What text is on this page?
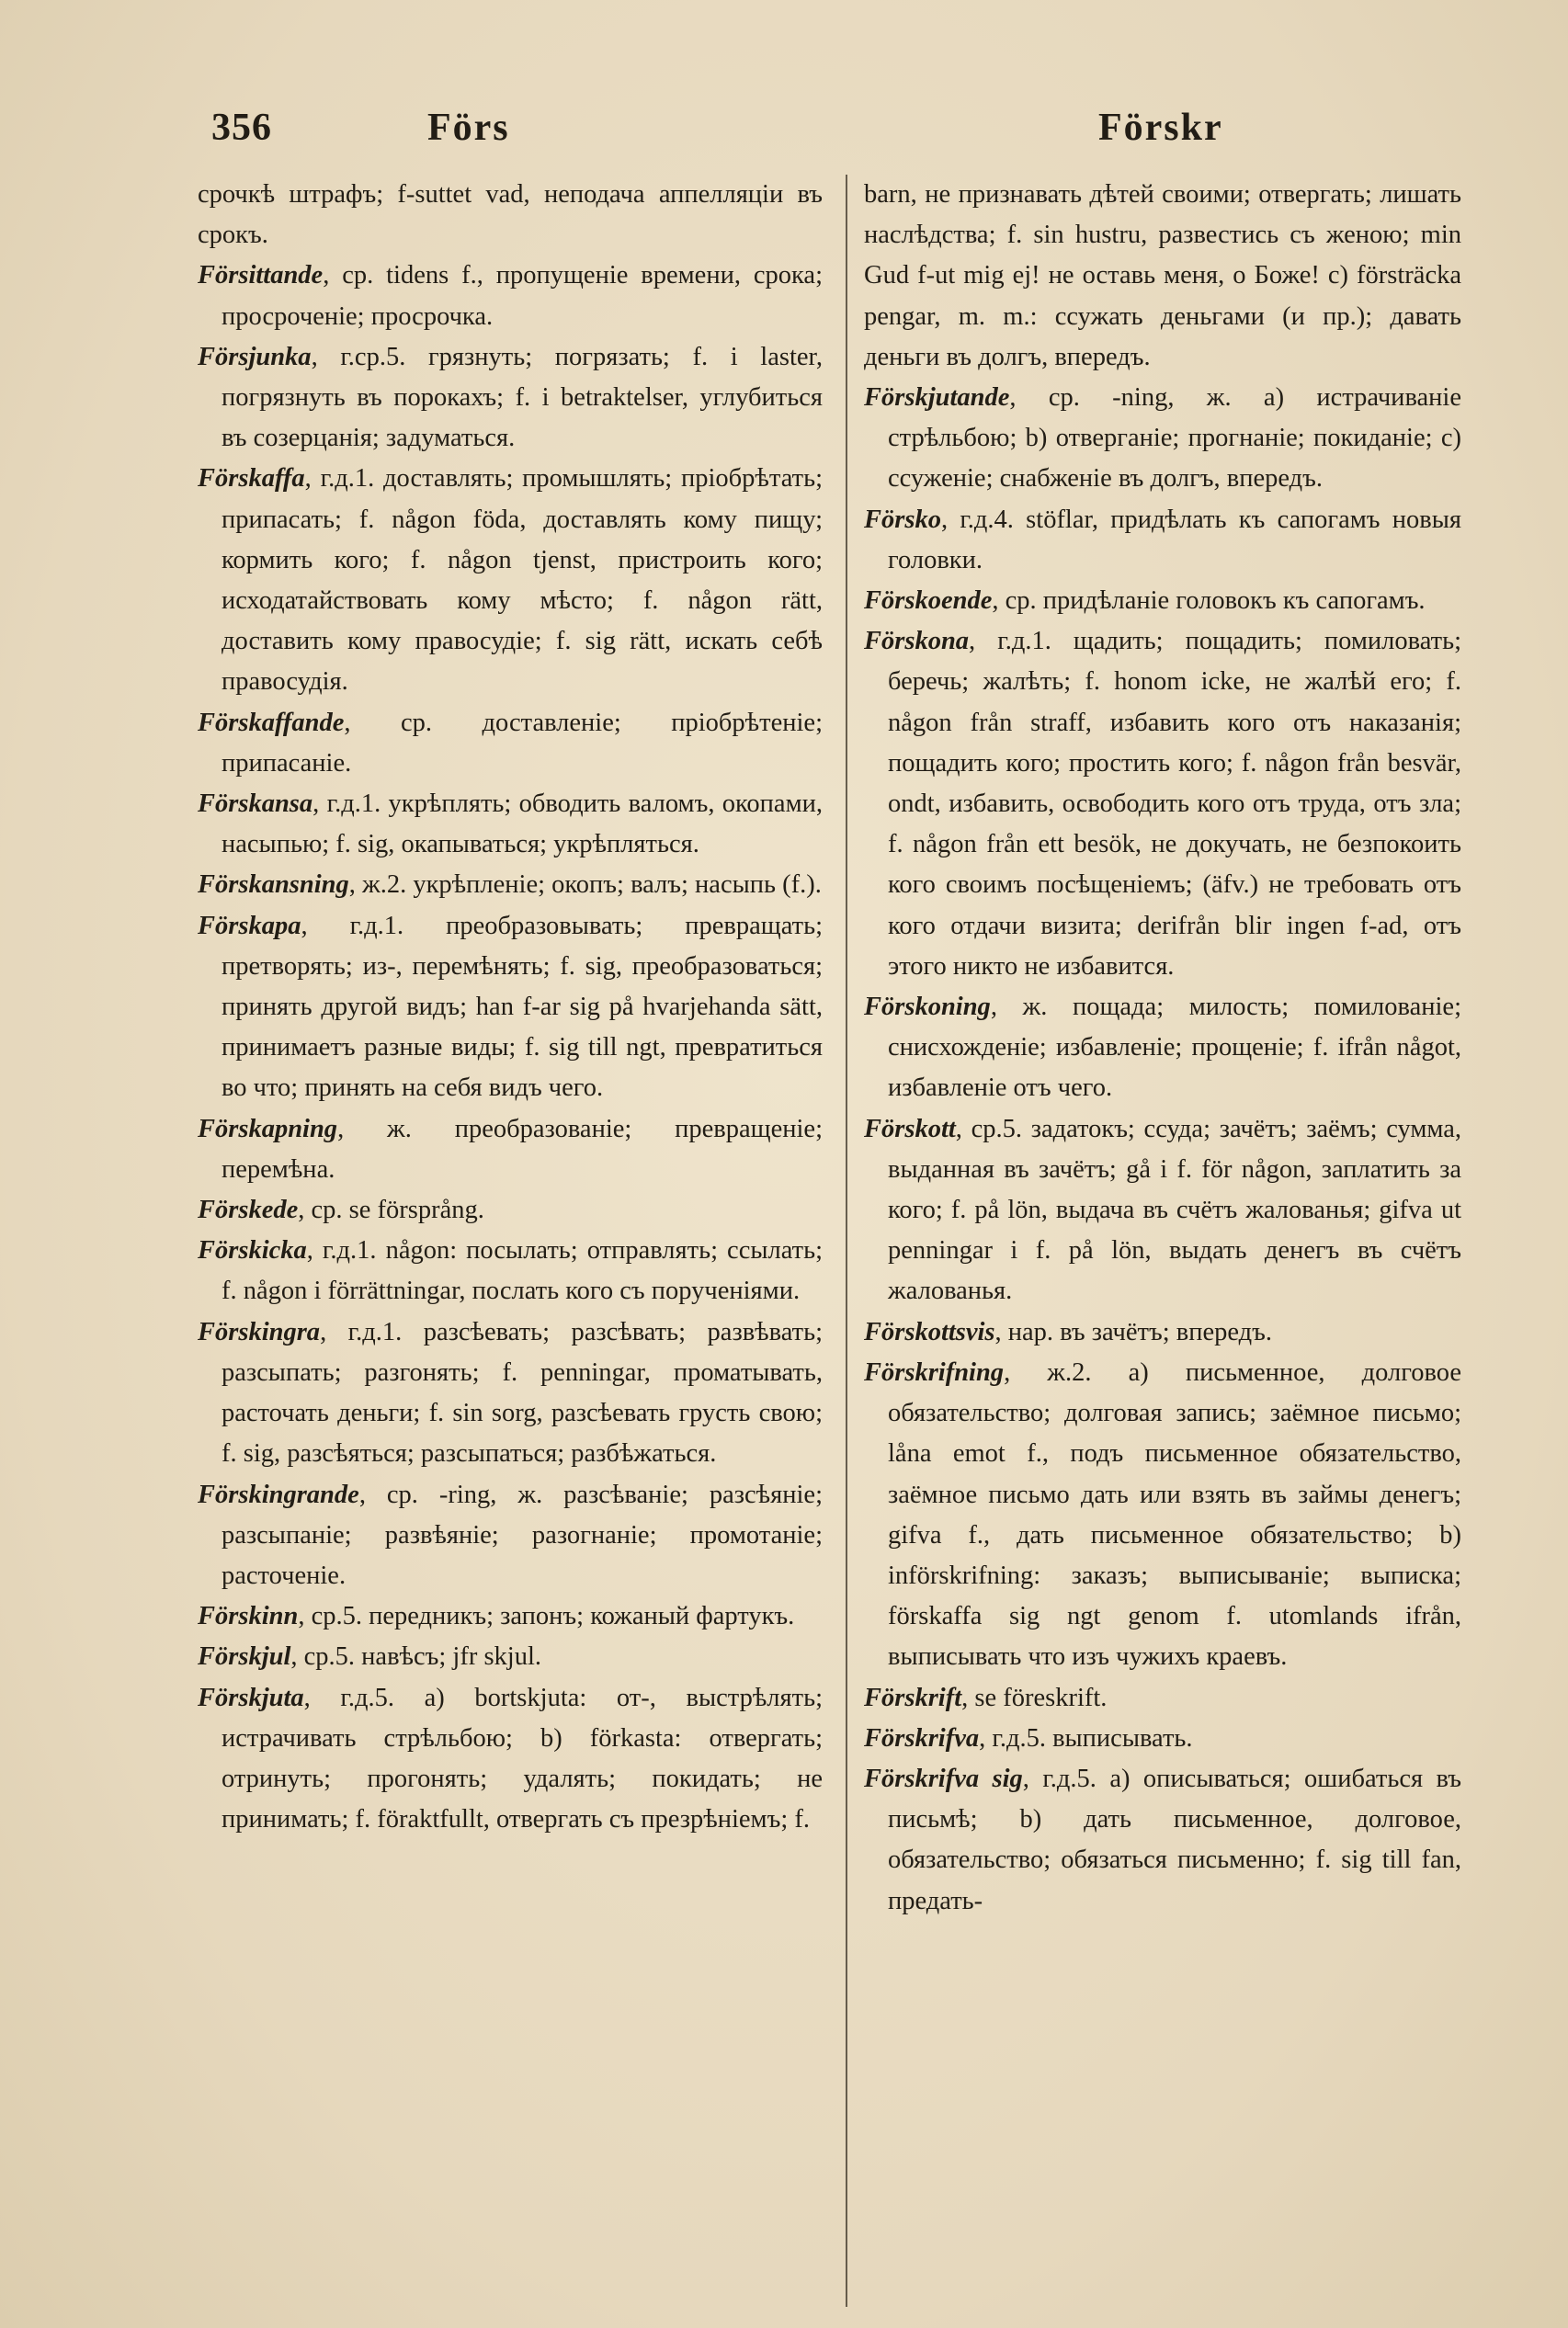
356	Förs	Förskr

срочкѣ штрафъ; f-suttet vad, неподача аппелляціи въ срокъ.

Försittande, ср. tidens f., пропущеніе времени, срока; просроченіе; просрочка.

Försjunka, г.ср.5. грязнуть; погрязать; f. i laster, погрязнуть въ порокахъ; f. i betraktelser, углубиться въ созерцанія; задуматься.

Förskaffa, г.д.1. доставлять; промышлять; пріобрѣтать; припасать; f. någon föda, доставлять кому пищу; кормить кого; f. någon tjenst, пристроить кого; исходатайствовать кому мѣсто; f. någon rätt, доставить кому правосудіе; f. sig rätt, искать себѣ правосудія.

Förskaffande, ср. доставленіе; пріобрѣтеніе; припасаніе.

Förskansa, г.д.1. укрѣплять; обводить валомъ, окопами, насыпью; f. sig, окапываться; укрѣпляться.

Förskansning, ж.2. укрѣпленіе; окопъ; валъ; насыпь (f.).

Förskapa, г.д.1. преобразовывать; превращать; претворять; из-, перемѣнять; f. sig, преобразоваться; принять другой видъ; han f-ar sig på hvarjehanda sätt, принимаетъ разные виды; f. sig till ngt, превратиться во что; принять на себя видъ чего.

Förskapning, ж. преобразованіе; превращеніе; перемѣна.

Förskede, ср. se försprång.

Förskicka, г.д.1. någon: посылать; отправлять; ссылать; f. någon i förrättningar, послать кого съ порученіями.

Förskingra, г.д.1. разсѣевать; разсѣвать; развѣвать; разсыпать; разгонять; f. penningar, проматывать, расточать деньги; f. sin sorg, разсѣевать грусть свою; f. sig, разсѣяться; разсыпаться; разбѣжаться.

Förskingrande, ср. -ring, ж. разсѣваніе; разсѣяніе; разсыпаніе; развѣяніе; разогнаніе; промотаніе; расточеніе.

Förskinn, ср.5. передникъ; запонъ; кожаный фартукъ.

Förskjul, ср.5. навѣсъ; jfr skjul.

Förskjuta, г.д.5. a) bortskjuta: от-, выстрѣлять; истрачивать стрѣльбою; b) förkasta: отвергать; отринуть; прогонять; удалять; покидать; не принимать; f. föraktfullt, отвергать съ презрѣніемъ; f.

barn, не признавать дѣтей своими; отвергать; лишать наслѣдства; f. sin hustru, развестись съ женою; min Gud f-ut mig ej! не оставь меня, о Боже! c) försträcka pengar, m. m.: ссужать деньгами (и пр.); давать деньги въ долгъ, впередъ.

Förskjutande, ср. -ning, ж. a) истрачиваніе стрѣльбою; b) отверганіе; прогнаніе; покиданіе; c) ссуженіе; снабженіе въ долгъ, впередъ.

Försko, г.д.4. stöflar, придѣлать къ сапогамъ новыя головки.

Förskoende, ср. придѣланіе головокъ къ сапогамъ.

Förskona, г.д.1. щадить; пощадить; помиловать; беречь; жалѣть; f. honom icke, не жалѣй его; f. någon från straff, избавить кого отъ наказанія; пощадить кого; простить кого; f. någon från besvär, ondt, избавить, освободить кого отъ труда, отъ зла; f. någon från ett besök, не докучать, не безпокоить кого своимъ посѣщеніемъ; (äfv.) не требовать отъ кого отдачи визита; derifrån blir ingen f-ad, отъ этого никто не избавится.

Förskoning, ж. пощада; милость; помилованіе; снисхожденіе; избавленіе; прощеніе; f. ifrån något, избавленіе отъ чего.

Förskott, ср.5. задатокъ; ссуда; зачётъ; заёмъ; сумма, выданная въ зачётъ; gå i f. för någon, заплатить за кого; f. på lön, выдача въ счётъ жалованья; gifva ut penningar i f. på lön, выдать денегъ въ счётъ жалованья.

Förskottsvis, нар. въ зачётъ; впередъ.

Förskrifning, ж.2. a) письменное, долговое обязательство; долговая запись; заёмное письмо; låna emot f., подъ письменное обязательство, заёмное письмо дать или взять въ займы денегъ; gifva f., дать письменное обязательство; b) införskrifning: заказъ; выписываніе; выписка; förskaffa sig ngt genom f. utomlands ifrån, выписывать что изъ чужихъ краевъ.

Förskrift, se föreskrift.

Förskrifva, г.д.5. выписывать.

Förskrifva sig, г.д.5. a) описываться; ошибаться въ письмѣ; b) дать письменное, долговое, обязательство; обязаться письменно; f. sig till fan, предать-
